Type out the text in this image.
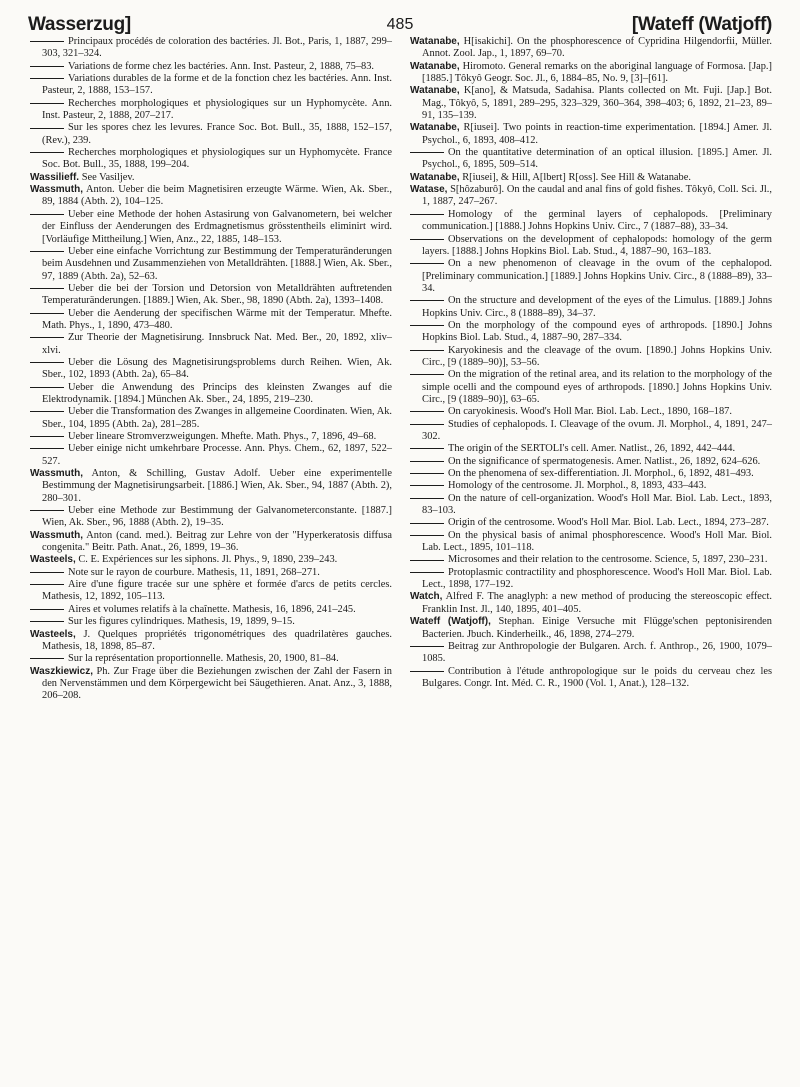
Wasserzug]	485	[Wateff (Watjoff)

Principaux procédés de coloration des bactéries. Jl. Bot., Paris, 1, 1887, 299–303, 321–324.

Variations de forme chez les bactéries. Ann. Inst. Pasteur, 2, 1888, 75–83.

Variations durables de la forme et de la fonction chez les bactéries. Ann. Inst. Pasteur, 2, 1888, 153–157.

Recherches morphologiques et physiologiques sur un Hyphomycète. Ann. Inst. Pasteur, 2, 1888, 207–217.

Sur les spores chez les levures. France Soc. Bot. Bull., 35, 1888, 152–157, (Rev.), 239.

Recherches morphologiques et physiologiques sur un Hyphomycète. France Soc. Bot. Bull., 35, 1888, 199–204.

Wassilieff. See Vasiljev.

Wassmuth, Anton. Ueber die beim Magnetisiren erzeugte Wärme. Wien, Ak. Sber., 89, 1884 (Abth. 2), 104–125.

Ueber eine Methode der hohen Astasirung von Galvanometern, bei welcher der Einfluss der Aenderungen des Erdmagnetismus grösstentheils eliminirt wird. [Vorläufige Mittheilung.] Wien, Anz., 22, 1885, 148–153.

Ueber eine einfache Vorrichtung zur Bestimmung der Temperaturänderungen beim Ausdehnen und Zusammenziehen von Metalldrähten. [1888.] Wien, Ak. Sber., 97, 1889 (Abth. 2a), 52–63.

Ueber die bei der Torsion und Detorsion von Metalldrähten auftretenden Temperaturänderungen. [1889.] Wien, Ak. Sber., 98, 1890 (Abth. 2a), 1393–1408.

Ueber die Aenderung der specifischen Wärme mit der Temperatur. Mhefte. Math. Phys., 1, 1890, 473–480.

Zur Theorie der Magnetisirung. Innsbruck Nat. Med. Ber., 20, 1892, xliv–xlvi.

Ueber die Lösung des Magnetisirungsproblems durch Reihen. Wien, Ak. Sber., 102, 1893 (Abth. 2a), 65–84.

Ueber die Anwendung des Princips des kleinsten Zwanges auf die Elektrodynamik. [1894.] München Ak. Sber., 24, 1895, 219–230.

Ueber die Transformation des Zwanges in allgemeine Coordinaten. Wien, Ak. Sber., 104, 1895 (Abth. 2a), 281–285.

Ueber lineare Stromverzweigungen. Mhefte. Math. Phys., 7, 1896, 49–68.

Ueber einige nicht umkehrbare Processe. Ann. Phys. Chem., 62, 1897, 522–527.

Wassmuth, Anton, & Schilling, Gustav Adolf. Ueber eine experimentelle Bestimmung der Magnetisirungsarbeit. [1886.] Wien, Ak. Sber., 94, 1887 (Abth. 2), 280–301.

Ueber eine Methode zur Bestimmung der Galvanometerconstante. [1887.] Wien, Ak. Sber., 96, 1888 (Abth. 2), 19–35.

Wassmuth, Anton (cand. med.). Beitrag zur Lehre von der "Hyperkeratosis diffusa congenita." Beitr. Path. Anat., 26, 1899, 19–36.

Wasteels, C. E. Expériences sur les siphons. Jl. Phys., 9, 1890, 239–243.

Note sur le rayon de courbure. Mathesis, 11, 1891, 268–271.

Aire d'une figure tracée sur une sphère et formée d'arcs de petits cercles. Mathesis, 12, 1892, 105–113.

Aires et volumes relatifs à la chaînette. Mathesis, 16, 1896, 241–245.

Sur les figures cylindriques. Mathesis, 19, 1899, 9–15.

Wasteels, J. Quelques propriétés trigonométriques des quadrilatères gauches. Mathesis, 18, 1898, 85–87.

Sur la représentation proportionnelle. Mathesis, 20, 1900, 81–84.

Waszkiewicz, Ph. Zur Frage über die Beziehungen zwischen der Zahl der Fasern in den Nervenstämmen und dem Körpergewicht bei Säugethieren. Anat. Anz., 3, 1888, 206–208.

Watanabe, H[isakichi]. On the phosphorescence of Cypridina Hilgendorfii, Müller. Annot. Zool. Jap., 1, 1897, 69–70.

Watanabe, Hiromoto. General remarks on the aboriginal language of Formosa. [Jap.] [1885.] Tôkyô Geogr. Soc. Jl., 6, 1884–85, No. 9, [3]–[61].

Watanabe, K[ano], & Matsuda, Sadahisa. Plants collected on Mt. Fuji. [Jap.] Bot. Mag., Tôkyô, 5, 1891, 289–295, 323–329, 360–364, 398–403; 6, 1892, 21–23, 89–91, 135–139.

Watanabe, R[iusei]. Two points in reaction-time experimentation. [1894.] Amer. Jl. Psychol., 6, 1893, 408–412.

On the quantitative determination of an optical illusion. [1895.] Amer. Jl. Psychol., 6, 1895, 509–514.

Watanabe, R[iusei], & Hill, A[lbert] R[oss]. See Hill & Watanabe.

Watase, S[hôzaburô]. On the caudal and anal fins of gold fishes. Tôkyô, Coll. Sci. Jl., 1, 1887, 247–267.

Homology of the germinal layers of cephalopods. [Preliminary communication.] [1888.] Johns Hopkins Univ. Circ., 7 (1887–88), 33–34.

Observations on the development of cephalopods: homology of the germ layers. [1888.] Johns Hopkins Biol. Lab. Stud., 4, 1887–90, 163–183.

On a new phenomenon of cleavage in the ovum of the cephalopod. [Preliminary communication.] [1889.] Johns Hopkins Univ. Circ., 8 (1888–89), 33–34.

On the structure and development of the eyes of the Limulus. [1889.] Johns Hopkins Univ. Circ., 8 (1888–89), 34–37.

On the morphology of the compound eyes of arthropods. [1890.] Johns Hopkins Biol. Lab. Stud., 4, 1887–90, 287–334.

Karyokinesis and the cleavage of the ovum. [1890.] Johns Hopkins Univ. Circ., [9 (1889–90)], 53–56.

On the migration of the retinal area, and its relation to the morphology of the simple ocelli and the compound eyes of arthropods. [1890.] Johns Hopkins Univ. Circ., [9 (1889–90)], 63–65.

On caryokinesis. Wood's Holl Mar. Biol. Lab. Lect., 1890, 168–187.

Studies of cephalopods. I. Cleavage of the ovum. Jl. Morphol., 4, 1891, 247–302.

The origin of the SERTOLI's cell. Amer. Natlist., 26, 1892, 442–444.

On the significance of spermatogenesis. Amer. Natlist., 26, 1892, 624–626.

On the phenomena of sex-differentiation. Jl. Morphol., 6, 1892, 481–493.

Homology of the centrosome. Jl. Morphol., 8, 1893, 433–443.

On the nature of cell-organization. Wood's Holl Mar. Biol. Lab. Lect., 1893, 83–103.

Origin of the centrosome. Wood's Holl Mar. Biol. Lab. Lect., 1894, 273–287.

On the physical basis of animal phosphorescence. Wood's Holl Mar. Biol. Lab. Lect., 1895, 101–118.

Microsomes and their relation to the centrosome. Science, 5, 1897, 230–231.

Protoplasmic contractility and phosphorescence. Wood's Holl Mar. Biol. Lab. Lect., 1898, 177–192.

Watch, Alfred F. The anaglyph: a new method of producing the stereoscopic effect. Franklin Inst. Jl., 140, 1895, 401–405.

Wateff (Watjoff), Stephan. Einige Versuche mit Flügge'schen peptonisirenden Bacterien. Jbuch. Kinderheilk., 46, 1898, 274–279.

Beitrag zur Anthropologie der Bulgaren. Arch. f. Anthrop., 26, 1900, 1079–1085.

Contribution à l'étude anthropologique sur le poids du cerveau chez les Bulgares. Congr. Int. Méd. C. R., 1900 (Vol. 1, Anat.), 128–132.
